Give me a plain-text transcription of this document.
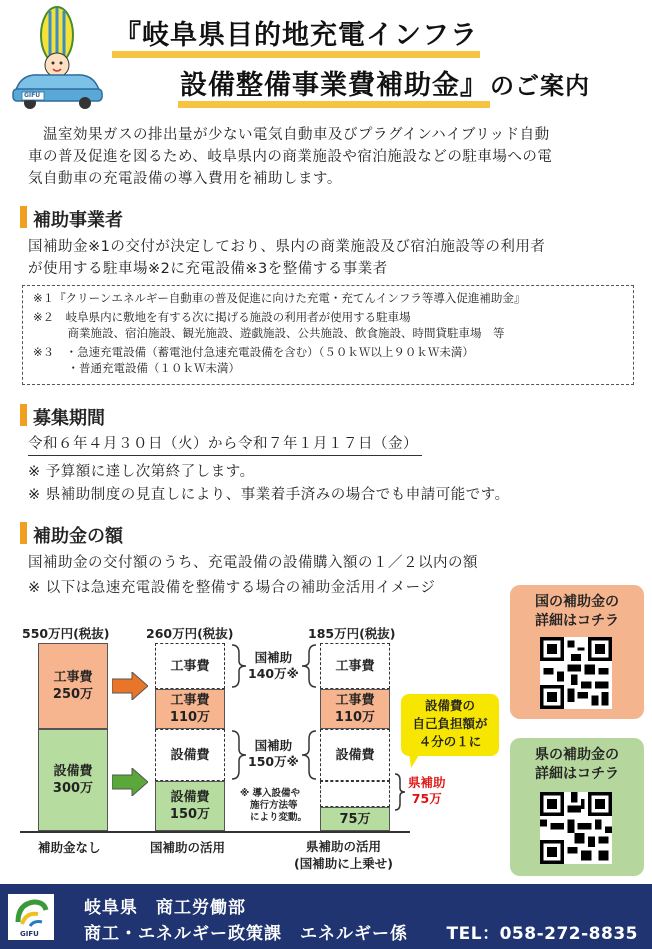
GIFU
『岐阜県目的地充電インフラ
設備整備事業費補助金』のご案内
　温室効果ガスの排出量が少ない電気自動車及びプラグインハイブリッド自動
車の普及促進を図るため、岐阜県内の商業施設や宿泊施設などの駐車場への電
気自動車の充電設備の導入費用を補助します。
補助事業者
国補助金※1の交付が決定しており、県内の商業施設及び宿泊施設等の利用者
が使用する駐車場※2に充電設備※3を整備する事業者
※１『クリーンエネルギー自動車の普及促進に向けた充電・充てんインフラ等導入促進補助金』
※２　岐阜県内に敷地を有する次に掲げる施設の利用者が使用する駐車場
　　　商業施設、宿泊施設、観光施設、遊戯施設、公共施設、飲食施設、時間貸駐車場　等
※３　・急速充電設備（蓄電池付急速充電設備を含む）（５０ｋＷ以上９０ｋＷ未満）
　　　・普通充電設備（１０ｋＷ未満）
募集期間
令和６年４月３０日（火）から令和７年１月１７日（金）
※ 予算額に達し次第終了します。
※ 県補助制度の見直しにより、事業着手済みの場合でも申請可能です。
補助金の額
国補助金の交付額のうち、充電設備の設備購入額の１／２以内の額
※ 以下は急速充電設備を整備する場合の補助金活用イメージ
550万円(税抜)	260万円(税抜)	185万円(税抜)
工事費
250万
設備費
300万
工事費
工事費
110万
設備費
設備費
150万
国補助
140万※
国補助
150万※
※ 導入設備や
施行方法等
により変動。
工事費
工事費
110万
設備費
75万
県補助
75万
設備費の
自己負担額が
４分の１に
補助金なし	国補助の活用	県補助の活用
(国補助に上乗せ)
国の補助金の
詳細はコチラ
県の補助金の
詳細はコチラ
GIFU
岐阜県　商工労働部
商工・エネルギー政策課　エネルギー係 TEL：058-272-8835
